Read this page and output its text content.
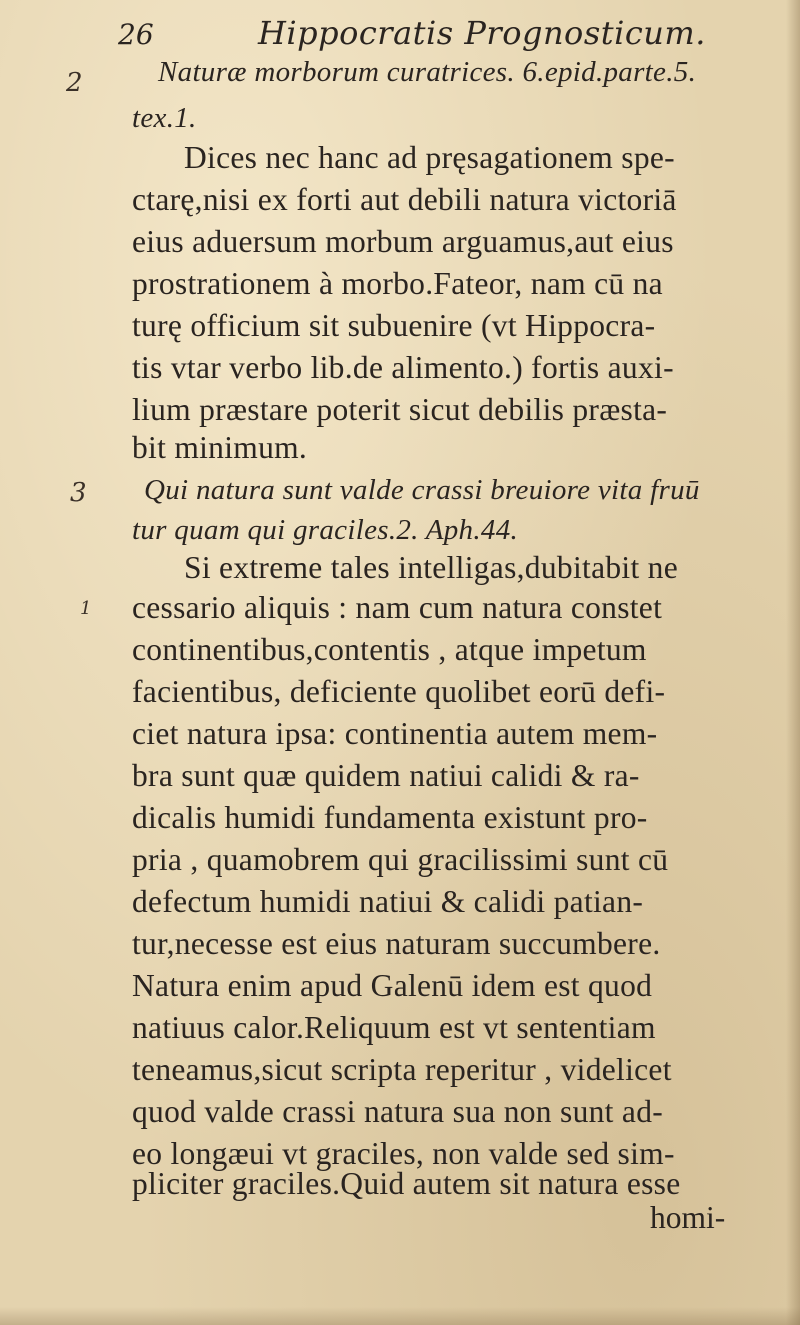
26	Hippocratis Prognosticum.
2
3
1
Naturæ morborum curatrices. 6.epid.parte.5.
tex.1.
Dices nec hanc ad pręsagationem spe-
ctarę,nisi ex forti aut debili natura victoriā
eius aduersum morbum arguamus,aut eius
prostrationem à morbo.Fateor, nam cū na
turę officium sit subuenire (vt Hippocra-
tis vtar verbo lib.de alimento.) fortis auxi-
lium præstare poterit sicut debilis præsta-
bit minimum.
Qui natura sunt valde crassi breuiore vita fruū
tur quam qui graciles.2. Aph.44.
Si extreme tales intelligas,dubitabit ne
cessario aliquis : nam cum natura constet
continentibus,contentis , atque impetum
facientibus, deficiente quolibet eorū defi-
ciet natura ipsa: continentia autem mem-
bra sunt quæ quidem natiui calidi & ra-
dicalis humidi fundamenta existunt pro-
pria , quamobrem qui gracilissimi sunt cū
defectum humidi natiui & calidi patian-
tur,necesse est eius naturam succumbere.
Natura enim apud Galenū idem est quod
natiuus calor.Reliquum est vt sententiam
teneamus,sicut scripta reperitur , videlicet
quod valde crassi natura sua non sunt ad-
eo longæui vt graciles, non valde sed sim-
pliciter graciles.Quid autem sit natura esse
homi-
